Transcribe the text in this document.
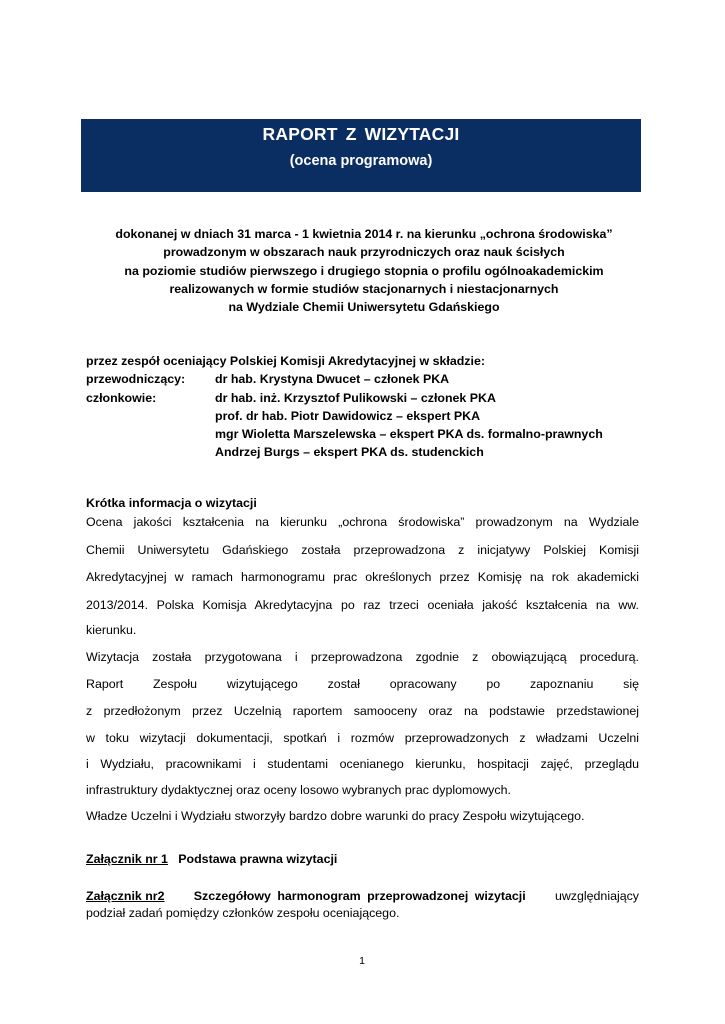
RAPORT Z WIZYTACJI
(ocena programowa)
dokonanej w dniach 31 marca - 1 kwietnia 2014 r. na kierunku „ochrona środowiska”
prowadzonym w obszarach nauk przyrodniczych oraz nauk ścisłych
na poziomie studiów pierwszego i drugiego stopnia o profilu ogólnoakademickim
realizowanych w formie studiów stacjonarnych i niestacjonarnych
na Wydziale Chemii Uniwersytetu Gdańskiego
przez zespół oceniający Polskiej Komisji Akredytacyjnej w składzie:
przewodniczący: dr hab. Krystyna Dwucet – członek PKA
członkowie:	dr hab. inż. Krzysztof Pulikowski – członek PKA
prof. dr hab. Piotr Dawidowicz – ekspert PKA
mgr Wioletta Marszelewska – ekspert PKA ds. formalno-prawnych
Andrzej Burgs – ekspert PKA ds. studenckich
Krótka informacja o wizytacji
Ocena jakości kształcenia na kierunku „ochrona środowiska” prowadzonym na Wydziale
Chemii Uniwersytetu Gdańskiego została przeprowadzona z inicjatywy Polskiej Komisji
Akredytacyjnej w ramach harmonogramu prac określonych przez Komisję na rok akademicki
2013/2014. Polska Komisja Akredytacyjna po raz trzeci oceniała jakość kształcenia na ww.
kierunku.
Wizytacja została przygotowana i przeprowadzona zgodnie z obowiązującą procedurą.
Raport Zespołu wizytującego został opracowany po zapoznaniu się
z przedłożonym przez Uczelnią raportem samooceny oraz na podstawie przedstawionej
w toku wizytacji dokumentacji, spotkań i rozmów przeprowadzonych z władzami Uczelni
i Wydziału, pracownikami i studentami ocenianego kierunku, hospitacji zajęć, przeglądu
infrastruktury dydaktycznej oraz oceny losowo wybranych prac dyplomowych.
Władze Uczelni i Wydziału stworzyły bardzo dobre warunki do pracy Zespołu wizytującego.
Załącznik nr 1 Podstawa prawna wizytacji
Załącznik nr2 Szczegółowy harmonogram przeprowadzonej wizytacji uwzględniający
podział zadań pomiędzy członków zespołu oceniającego.
1
